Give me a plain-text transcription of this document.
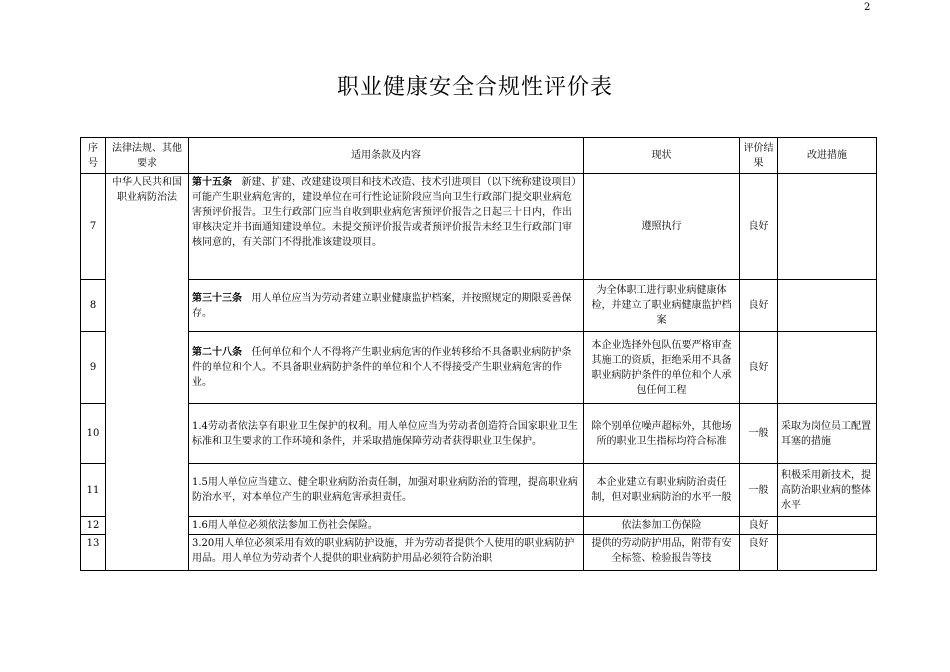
2
职业健康安全合规性评价表
序号	法律法规、其他要求	适用条款及内容	现状	评价结果	改进措施
7	中华人民共和国职业病防治法	第十五条 新建、扩建、改建建设项目和技术改造、技术引进项目（以下统称建设项目）可能产生职业病危害的，建设单位在可行性论证阶段应当向卫生行政部门提交职业病危害预评价报告。卫生行政部门应当自收到职业病危害预评价报告之日起三十日内，作出审核决定并书面通知建设单位。未提交预评价报告或者预评价报告未经卫生行政部门审核同意的，有关部门不得批准该建设项目。	遵照执行	良好	
8		第三十三条 用人单位应当为劳动者建立职业健康监护档案，并按照规定的期限妥善保存。	为全体职工进行职业病健康体检，并建立了职业病健康监护档案	良好	
9		第二十八条 任何单位和个人不得将产生职业病危害的作业转移给不具备职业病防护条件的单位和个人。不具备职业病防护条件的单位和个人不得接受产生职业病危害的作业。	本企业选择外包队伍要严格审查其施工的资质，拒绝采用不具备职业病防护条件的单位和个人承包任何工程	良好	
10		1.4劳动者依法享有职业卫生保护的权利。用人单位应当为劳动者创造符合国家职业卫生标准和卫生要求的工作环境和条件，并采取措施保障劳动者获得职业卫生保护。	除个别单位噪声超标外，其他场所的职业卫生指标均符合标准	一般	采取为岗位员工配置耳塞的措施
11		1.5用人单位应当建立、健全职业病防治责任制，加强对职业病防治的管理，提高职业病防治水平，对本单位产生的职业病危害承担责任。	本企业建立有职业病防治责任制，但对职业病防治的水平一般	一般	积极采用新技术，提高防治职业病的整体水平
12		1.6用人单位必须依法参加工伤社会保险。	依法参加工伤保险	良好	
13		3.20用人单位必须采用有效的职业病防护设施，并为劳动者提供个人使用的职业病防护用品。用人单位为劳动者个人提供的职业病防护用品必须符合防治职	提供的劳动防护用品，附带有安全标签、检验报告等技	良好	
